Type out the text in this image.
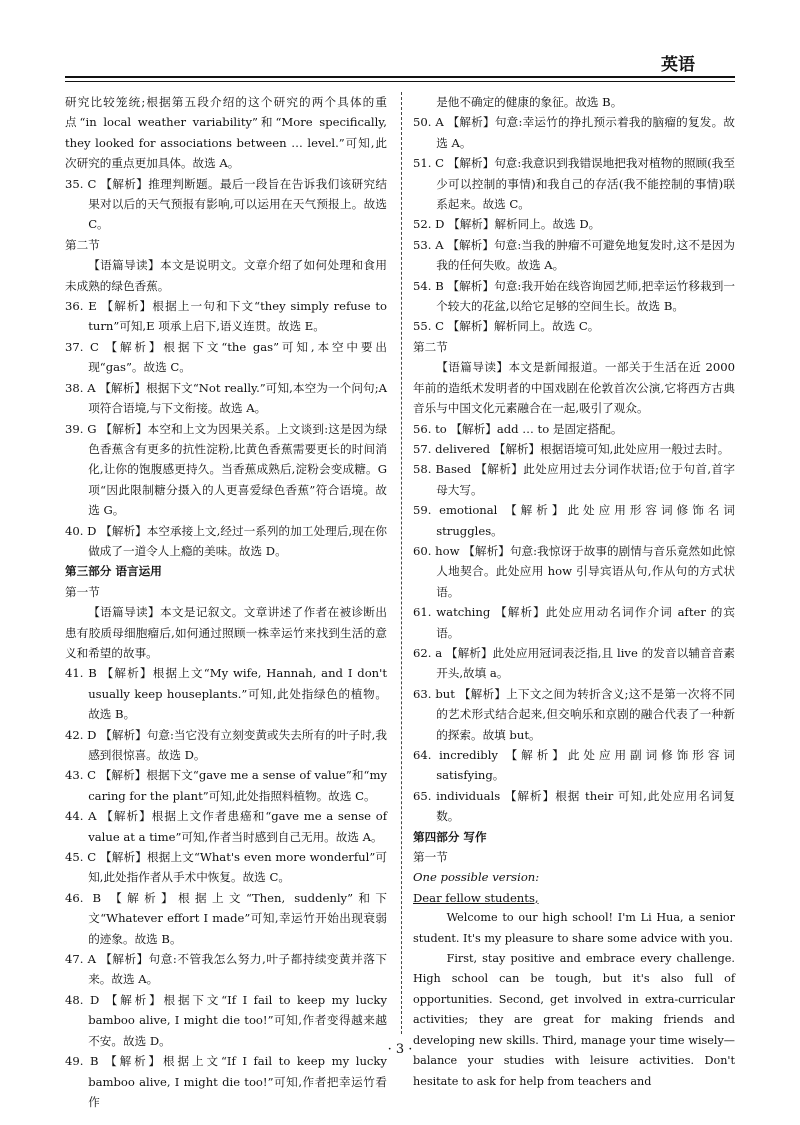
英语

研究比较笼统;根据第五段介绍的这个研究的两个具体的重点“in local weather variability”和“More specifically, they looked for associations between … level.”可知,此次研究的重点更加具体。故选 A。

35. C 【解析】推理判断题。最后一段旨在告诉我们该研究结果对以后的天气预报有影响,可以运用在天气预报上。故选 C。

第二节

【语篇导读】本文是说明文。文章介绍了如何处理和食用未成熟的绿色香蕉。

36. E 【解析】根据上一句和下文“they simply refuse to turn”可知,E 项承上启下,语义连贯。故选 E。

37. C 【解析】根据下文“the gas”可知,本空中要出现“gas”。故选 C。

38. A 【解析】根据下文“Not really.”可知,本空为一个问句;A 项符合语境,与下文衔接。故选 A。

39. G 【解析】本空和上文为因果关系。上文谈到:这是因为绿色香蕉含有更多的抗性淀粉,比黄色香蕉需要更长的时间消化,让你的饱腹感更持久。当香蕉成熟后,淀粉会变成糖。G 项“因此限制糖分摄入的人更喜爱绿色香蕉”符合语境。故选 G。

40. D 【解析】本空承接上文,经过一系列的加工处理后,现在你做成了一道令人上瘾的美味。故选 D。

第三部分 语言运用

第一节

【语篇导读】本文是记叙文。文章讲述了作者在被诊断出患有胶质母细胞瘤后,如何通过照顾一株幸运竹来找到生活的意义和希望的故事。

41. B 【解析】根据上文“My wife, Hannah, and I don't usually keep houseplants.”可知,此处指绿色的植物。故选 B。

42. D 【解析】句意:当它没有立刻变黄或失去所有的叶子时,我感到很惊喜。故选 D。

43. C 【解析】根据下文“gave me a sense of value”和“my caring for the plant”可知,此处指照料植物。故选 C。

44. A 【解析】根据上文作者患癌和“gave me a sense of value at a time”可知,作者当时感到自己无用。故选 A。

45. C 【解析】根据上文“What's even more wonderful”可知,此处指作者从手术中恢复。故选 C。

46. B 【解析】根据上文“Then, suddenly”和下文“Whatever effort I made”可知,幸运竹开始出现衰弱的迹象。故选 B。

47. A 【解析】句意:不管我怎么努力,叶子都持续变黄并落下来。故选 A。

48. D 【解析】根据下文“If I fail to keep my lucky bamboo alive, I might die too!”可知,作者变得越来越不安。故选 D。

49. B 【解析】根据上文“If I fail to keep my lucky bamboo alive, I might die too!”可知,作者把幸运竹看作

是他不确定的健康的象征。故选 B。

50. A 【解析】句意:幸运竹的挣扎预示着我的脑瘤的复发。故选 A。

51. C 【解析】句意:我意识到我错误地把我对植物的照顾(我至少可以控制的事情)和我自己的存活(我不能控制的事情)联系起来。故选 C。

52. D 【解析】解析同上。故选 D。

53. A 【解析】句意:当我的肿瘤不可避免地复发时,这不是因为我的任何失败。故选 A。

54. B 【解析】句意:我开始在线咨询园艺师,把幸运竹移栽到一个较大的花盆,以给它足够的空间生长。故选 B。

55. C 【解析】解析同上。故选 C。

第二节

【语篇导读】本文是新闻报道。一部关于生活在近 2000 年前的造纸术发明者的中国戏剧在伦敦首次公演,它将西方古典音乐与中国文化元素融合在一起,吸引了观众。

56. to 【解析】add … to 是固定搭配。

57. delivered 【解析】根据语境可知,此处应用一般过去时。

58. Based 【解析】此处应用过去分词作状语;位于句首,首字母大写。

59. emotional 【解析】此处应用形容词修饰名词 struggles。

60. how 【解析】句意:我惊讶于故事的剧情与音乐竟然如此惊人地契合。此处应用 how 引导宾语从句,作从句的方式状语。

61. watching 【解析】此处应用动名词作介词 after 的宾语。

62. a 【解析】此处应用冠词表泛指,且 live 的发音以辅音音素开头,故填 a。

63. but 【解析】上下文之间为转折含义;这不是第一次将不同的艺术形式结合起来,但交响乐和京剧的融合代表了一种新的探索。故填 but。

64. incredibly 【解析】此处应用副词修饰形容词 satisfying。

65. individuals 【解析】根据 their 可知,此处应用名词复数。

第四部分 写作

第一节

One possible version:

Dear fellow students,

Welcome to our high school! I'm Li Hua, a senior student. It's my pleasure to share some advice with you.

First, stay positive and embrace every challenge. High school can be tough, but it's also full of opportunities. Second, get involved in extra-curricular activities; they are great for making friends and developing new skills. Third, manage your time wisely—balance your studies with leisure activities. Don't hesitate to ask for help from teachers and

· 3 ·
